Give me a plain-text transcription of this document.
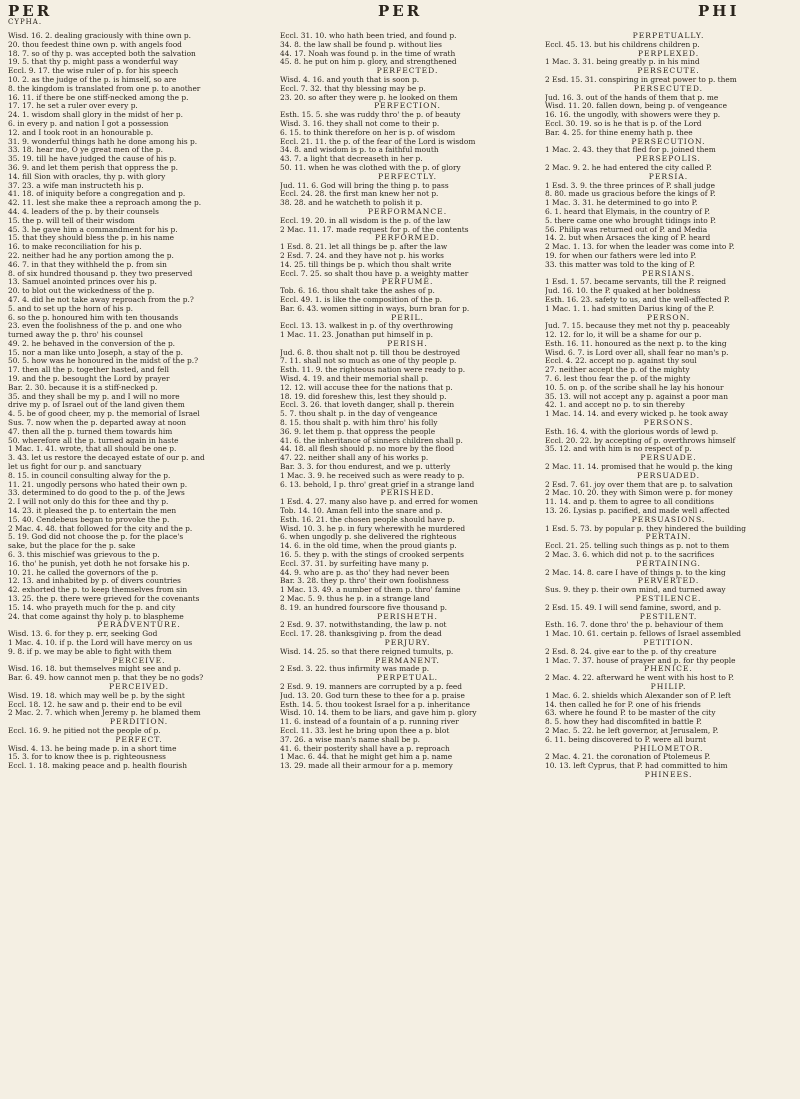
PER
CYPHA.
PER	PHI
Wisd. 16. 2. dealing graciously with thine own p.
20. thou feedest thine own p. with angels food
18. 7. so of thy p. was accepted both the salvation
19. 5. that thy p. might pass a wonderful way
Eccl. 9. 17. the wise ruler of p. for his speech
10. 2. as the judge of the p. is himself, so are
8. the kingdom is translated from one p. to another
16. 11. if there be one stiff-necked among the p.
17. 17. he set a ruler over every p.
24. 1. wisdom shall glory in the midst of her p.
6. in every p. and nation I got a possession
12. and I took root in an honourable p.
31. 9. wonderful things hath he done among his p.
33. 18. hear me, O ye great men of the p.
35. 19. till he have judged the cause of his p.
36. 9. and let them perish that oppress the p.
14. fill Sion with oracles, thy p. with glory
37. 23. a wife man instructeth his p.
41. 18. of iniquity before a congregation and p.
42. 11. lest she make thee a reproach among the p.
44. 4. leaders of the p. by their counsels
15. the p. will tell of their wisdom
45. 3. he gave him a commandment for his p.
15. that they should bless the p. in his name
16. to make reconciliation for his p.
22. neither had he any portion among the p.
46. 7. in that they withheld the p. from sin
8. of six hundred thousand p. they two preserved
13. Samuel anointed princes over his p.
20. to blot out the wickedness of the p.
47. 4. did he not take away reproach from the p.?
5. and to set up the horn of his p.
6. so the p. honoured him with ten thousands
23. even the foolishness of the p. and one who
turned away the p. thro' his counsel
49. 2. he behaved in the conversion of the p.
15. nor a man like unto Joseph, a stay of the p.
50. 5. how was he honoured in the midst of the p.?
17. then all the p. together hasted, and fell
19. and the p. besought the Lord by prayer
Bar. 2. 30. because it is a stiff-necked p.
35. and they shall be my p. and I will no more
drive my p. of Israel out of the land given them
4. 5. be of good cheer, my p. the memorial of Israel
Sus. 7. now when the p. departed away at noon
47. then all the p. turned them towards him
50. wherefore all the p. turned again in haste
1 Mac. 1. 41. wrote, that all should be one p.
3. 43. let us restore the decayed estate of our p. and
let us fight for our p. and sanctuary
8. 15. in council consulting alway for the p.
11. 21. ungodly persons who hated their own p.
33. determined to do good to the p. of the Jews
2. I will not only do this for thee and thy p.
14. 23. it pleased the p. to entertain the men
15. 40. Cendebeus began to provoke the p.
2 Mac. 4. 48. that followed for the city and the p.
5. 19. God did not choose the p. for the place's
sake, but the place for the p. sake
6. 3. this mischief was grievous to the p.
16. tho' he punish, yet doth he not forsake his p.
10. 21. he called the governors of the p.
12. 13. and inhabited by p. of divers countries
42. exhorted the p. to keep themselves from sin
13. 25. the p. there were grieved for the covenants
15. 14. who prayeth much for the p. and city
24. that come against thy holy p. to blaspheme
PERADVENTURE.
Wisd. 13. 6. for they p. err, seeking God
1 Mac. 4. 10. if p. the Lord will have mercy on us
9. 8. if p. we may be able to fight with them
PERCEIVE.
Wisd. 16. 18. but themselves might see and p.
Bar. 6. 49. how cannot men p. that they be no gods?
PERCEIVED.
Wisd. 19. 18. which may well be p. by the sight
Eccl. 18. 12. he saw and p. their end to be evil
2 Mac. 2. 7. which when Jeremy p. he blamed them
PERDITION.
Eccl. 16. 9. he pitied not the people of p.
PERFECT.
Wisd. 4. 13. he being made p. in a short time
15. 3. for to know thee is p. righteousness
Eccl. 1. 18. making peace and p. health flourish
Eccl. 31. 10. who hath been tried, and found p.
34. 8. the law shall be found p. without lies
44. 17. Noah was found p. in the time of wrath
45. 8. he put on him p. glory, and strengthened
PERFECTED.
Wisd. 4. 16. and youth that is soon p.
Eccl. 7. 32. that thy blessing may be p.
23. 20. so after they were p. he looked on them
PERFECTION.
Esth. 15. 5. she was ruddy thro' the p. of beauty
Wisd. 3. 16. they shall not come to their p.
6. 15. to think therefore on her is p. of wisdom
Eccl. 21. 11. the p. of the fear of the Lord is wisdom
34. 8. and wisdom is p. to a faithful mouth
43. 7. a light that decreaseth in her p.
50. 11. when he was clothed with the p. of glory
PERFECTLY.
Jud. 11. 6. God will bring the thing p. to pass
Eccl. 24. 28. the first man knew her not p.
38. 28. and he watcheth to polish it p.
PERFORMANCE.
Eccl. 19. 20. in all wisdom is the p. of the law
2 Mac. 11. 17. made request for p. of the contents
PERFORMED.
1 Esd. 8. 21. let all things be p. after the law
2 Esd. 7. 24. and they have not p. his works
14. 25. till things be p. which thou shalt write
Eccl. 7. 25. so shalt thou have p. a weighty matter
PERFUME.
Tob. 6. 16. thou shalt take the ashes of p.
Eccl. 49. 1. is like the composition of the p.
Bar. 6. 43. women sitting in ways, burn bran for p.
PERIL.
Eccl. 13. 13. walkest in p. of thy overthrowing
1 Mac. 11. 23. Jonathan put himself in p.
PERISH.
Jud. 6. 8. thou shalt not p. till thou be destroyed
7. 11. shall not so much as one of thy people p.
Esth. 11. 9. the righteous nation were ready to p.
Wisd. 4. 19. and their memorial shall p.
12. 12. will accuse thee for the nations that p.
18. 19. did foreshew this, lest they should p.
Eccl. 3. 26. that loveth danger, shall p. therein
5. 7. thou shalt p. in the day of vengeance
8. 15. thou shalt p. with him thro' his folly
36. 9. let them p. that oppress the people
41. 6. the inheritance of sinners children shall p.
44. 18. all flesh should p. no more by the flood
47. 22. neither shall any of his works p.
Bar. 3. 3. for thou endurest, and we p. utterly
1 Mac. 3. 9. he received such as were ready to p.
6. 13. behold, I p. thro' great grief in a strange land
PERISHED.
1 Esd. 4. 27. many also have p. and erred for women
Tob. 14. 10. Aman fell into the snare and p.
Esth. 16. 21. the chosen people should have p.
Wisd. 10. 3. he p. in fury wherewith he murdered
6. when ungodly p. she delivered the righteous
14. 6. in the old time, when the proud giants p.
16. 5. they p. with the stings of crooked serpents
Eccl. 37. 31. by surfeiting have many p.
44. 9. who are p. as tho' they had never been
Bar. 3. 28. they p. thro' their own foolishness
1 Mac. 13. 49. a number of them p. thro' famine
2 Mac. 5. 9. thus he p. in a strange land
8. 19. an hundred fourscore five thousand p.
PERISHETH.
2 Esd. 9. 37. notwithstanding, the law p. not
Eccl. 17. 28. thanksgiving p. from the dead
PERJURY.
Wisd. 14. 25. so that there reigned tumults, p.
PERMANENT.
2 Esd. 3. 22. thus infirmity was made p.
PERPETUAL.
2 Esd. 9. 19. manners are corrupted by a p. feed
Jud. 13. 20. God turn these to thee for a p. praise
Esth. 14. 5. thou tookest Israel for a p. inheritance
Wisd. 10. 14. them to be liars, and gave him p. glory
11. 6. instead of a fountain of a p. running river
Eccl. 11. 33. lest he bring upon thee a p. blot
37. 26. a wise man's name shall be p.
41. 6. their posterity shall have a p. reproach
1 Mac. 6. 44. that he might get him a p. name
13. 29. made all their armour for a p. memory
PERPETUALLY.
Eccl. 45. 13. but his childrens children p.
PERPLEXED.
1 Mac. 3. 31. being greatly p. in his mind
PERSECUTE.
2 Esd. 15. 31. conspiring in great power to p. them
PERSECUTED.
Jud. 16. 3. out of the hands of them that p. me
Wisd. 11. 20. fallen down, being p. of vengeance
16. 16. the ungodly, with showers were they p.
Eccl. 30. 19. so is he that is p. of the Lord
Bar. 4. 25. for thine enemy hath p. thee
PERSECUTION.
1 Mac. 2. 43. they that fled for p. joined them
PERSEPOLIS.
2 Mac. 9. 2. he had entered the city called P.
PERSIA.
1 Esd. 3. 9. the three princes of P. shall judge
8. 80. made us gracious before the kings of P.
1 Mac. 3. 31. he determined to go into P.
6. 1. heard that Elymais, in the country of P.
5. there came one who brought tidings into P.
56. Philip was returned out of P. and Media
14. 2. but when Arsaces the king of P. heard
2 Mac. 1. 13. for when the leader was come into P.
19. for when our fathers were led into P.
33. this matter was told to the king of P.
PERSIANS.
1 Esd. 1. 57. became servants, till the P. reigned
Jud. 16. 10. the P. quaked at her boldness
Esth. 16. 23. safety to us, and the well-affected P.
1 Mac. 1. 1. had smitten Darius king of the P.
PERSON.
Jud. 7. 15. because they met not thy p. peaceably
12. 12. for lo, it will be a shame for our p.
Esth. 16. 11. honoured as the next p. to the king
Wisd. 6. 7. is Lord over all, shall fear no man's p.
Eccl. 4. 22. accept no p. against thy soul
27. neither accept the p. of the mighty
7. 6. lest thou fear the p. of the mighty
10. 5. on p. of the scribe shall he lay his honour
35. 13. will not accept any p. against a poor man
42. 1. and accept no p. to sin thereby
1 Mac. 14. 14. and every wicked p. he took away
PERSONS.
Esth. 16. 4. with the glorious words of lewd p.
Eccl. 20. 22. by accepting of p. overthrows himself
35. 12. and with him is no respect of p.
PERSUADE.
2 Mac. 11. 14. promised that he would p. the king
PERSUADED.
2 Esd. 7. 61. joy over them that are p. to salvation
2 Mac. 10. 20. they with Simon were p. for money
11. 14. and p. them to agree to all conditions
13. 26. Lysias p. pacified, and made well affected
PERSUASIONS.
1 Esd. 5. 73. by popular p. they hindered the building
PERTAIN.
Eccl. 21. 25. telling such things as p. not to them
2 Mac. 3. 6. which did not p. to the sacrifices
PERTAINING.
2 Mac. 14. 8. care I have of things p. to the king
PERVERTED.
Sus. 9. they p. their own mind, and turned away
PESTILENCE.
2 Esd. 15. 49. I will send famine, sword, and p.
PESTILENT.
Esth. 16. 7. done thro' the p. behaviour of them
1 Mac. 10. 61. certain p. fellows of Israel assembled
PETITION.
2 Esd. 8. 24. give ear to the p. of thy creature
1 Mac. 7. 37. house of prayer and p. for thy people
PHENICE.
2 Mac. 4. 22. afterward he went with his host to P.
PHILIP.
1 Mac. 6. 2. shields which Alexander son of P. left
14. then called he for P. one of his friends
63. where he found P. to be master of the city
8. 5. how they had discomfited in battle P.
2 Mac. 5. 22. he left governor, at Jerusalem, P.
6. 11. being discovered to P. were all burnt
PHILOMETOR.
2 Mac. 4. 21. the coronation of Ptolemeus P.
10. 13. left Cyprus, that P. had committed to him
PHINEES.
